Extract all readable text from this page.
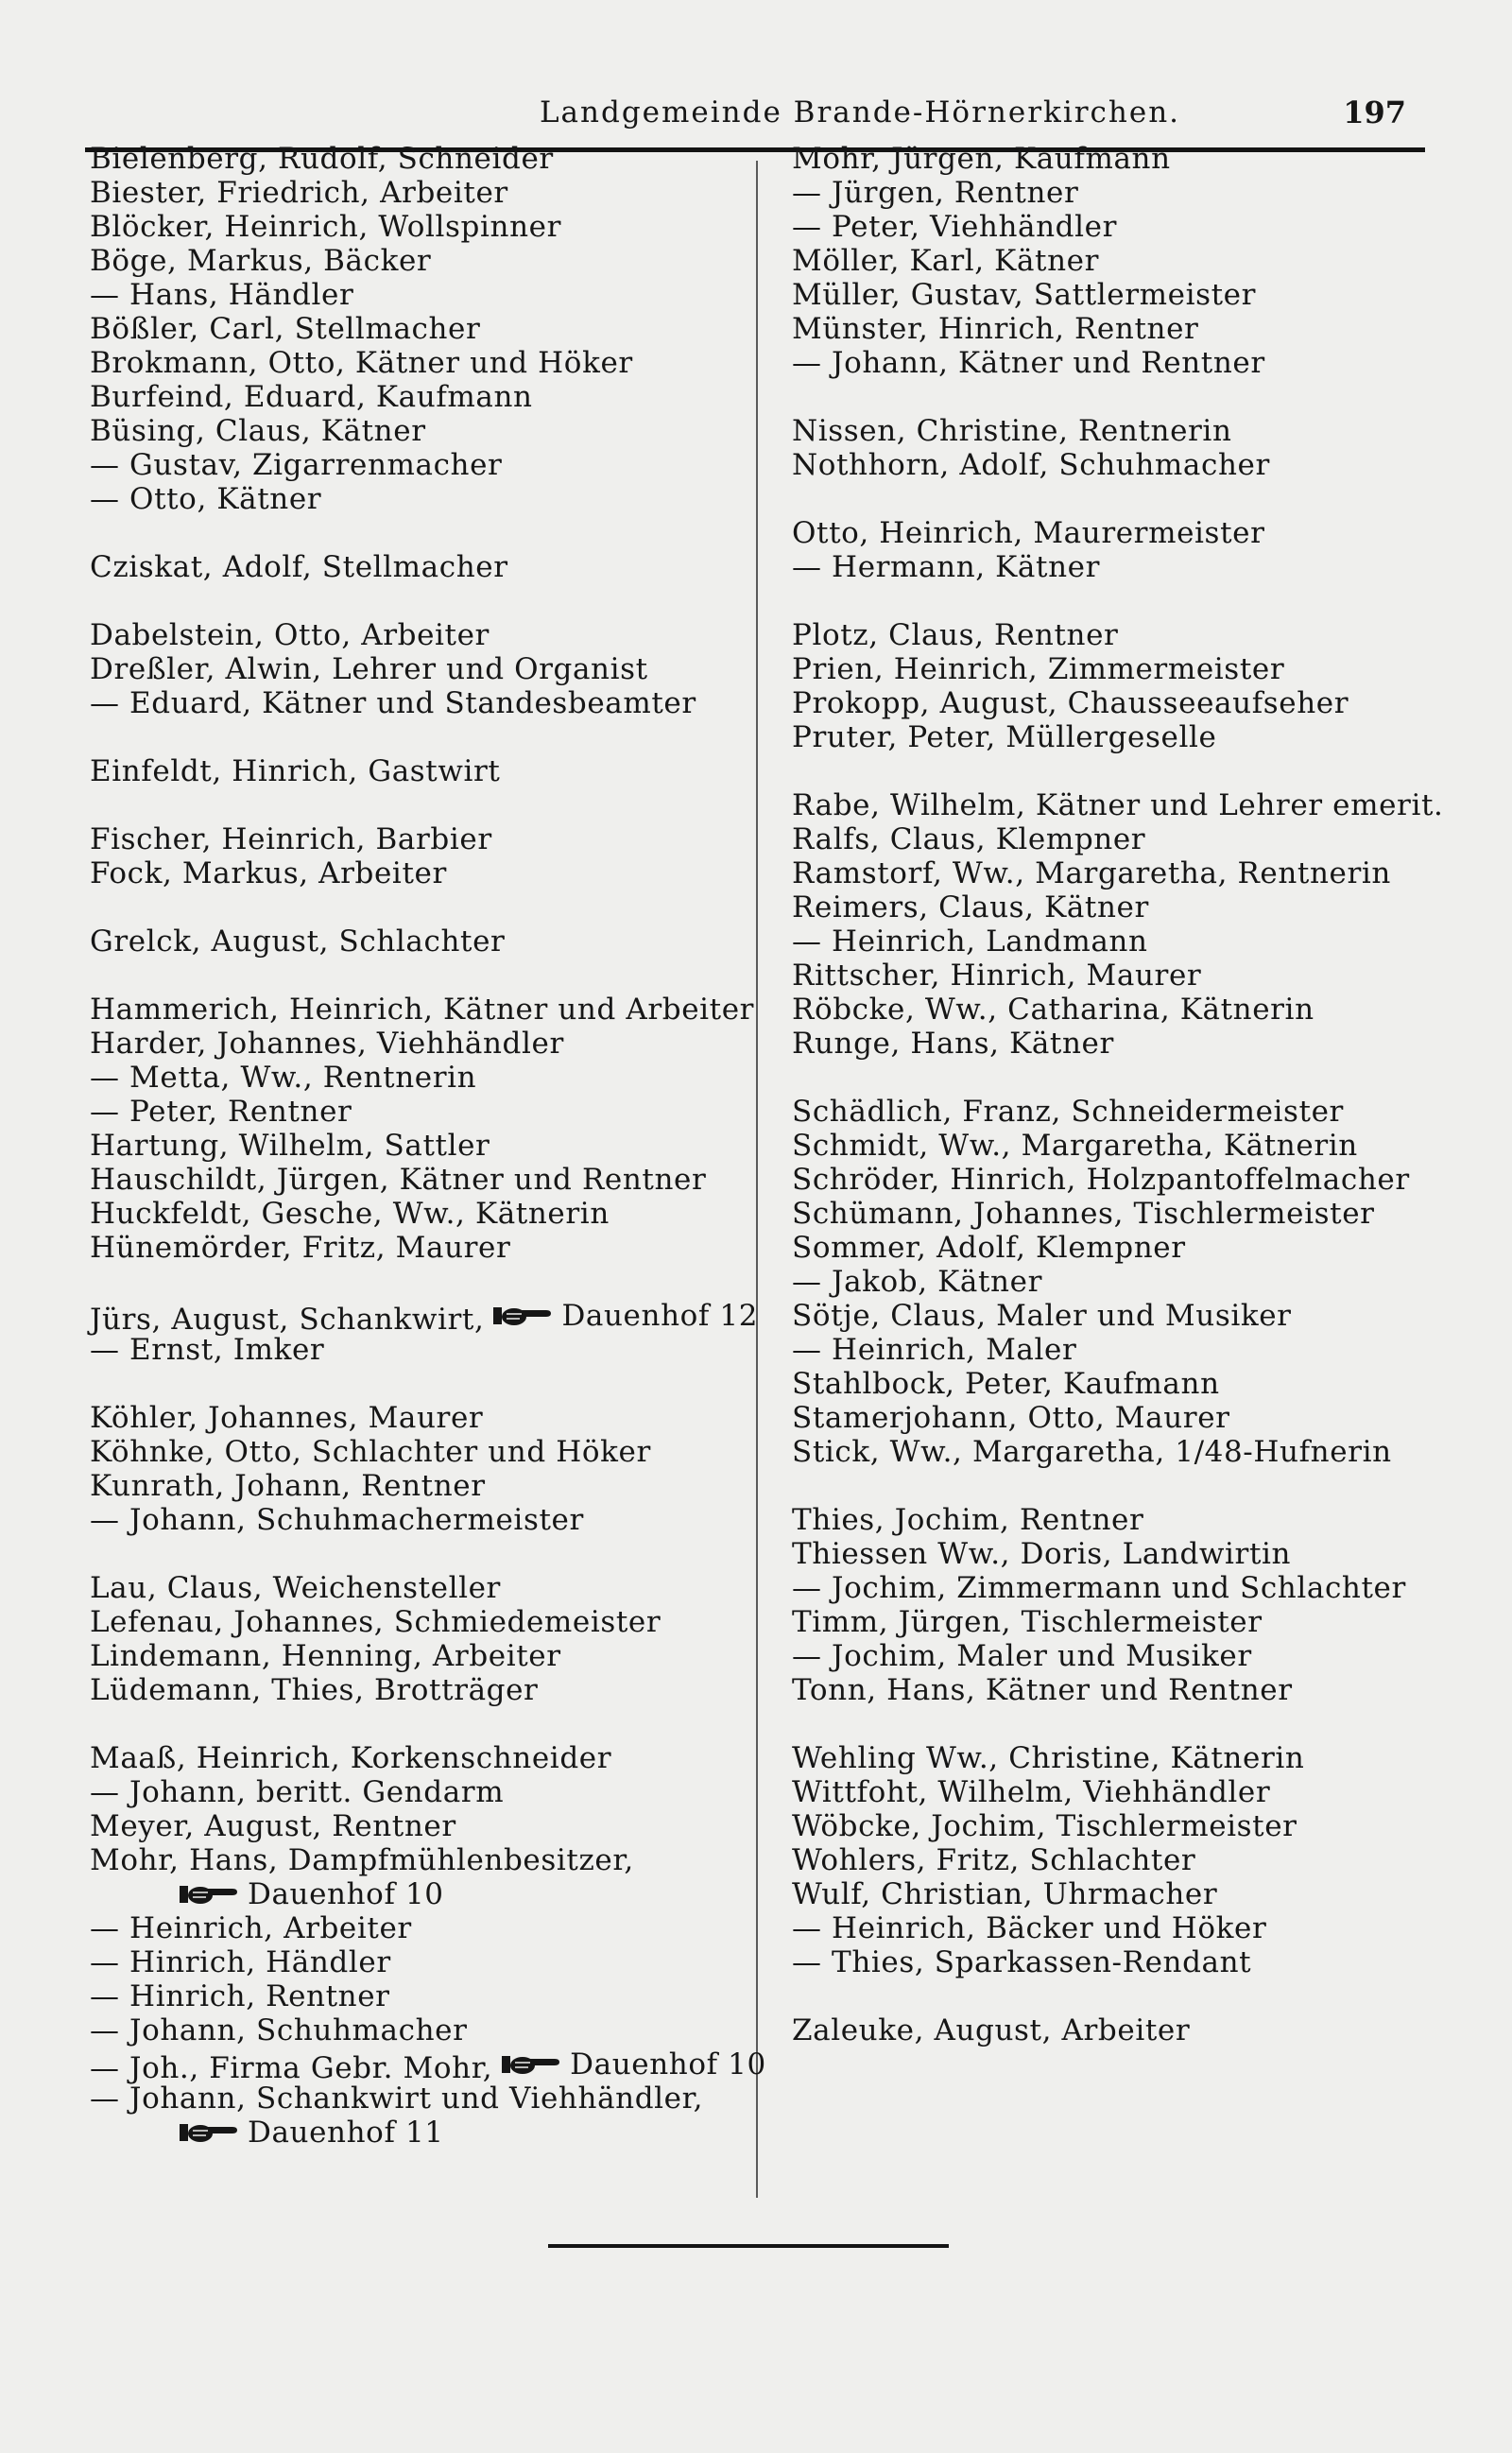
Landgemeinde Brande-Hörnerkirchen.	197
Bielenberg, Rudolf, Schneider
Biester, Friedrich, Arbeiter
Blöcker, Heinrich, Wollspinner
Böge, Markus, Bäcker
— Hans, Händler
Bößler, Carl, Stellmacher
Brokmann, Otto, Kätner und Höker
Burfeind, Eduard, Kaufmann
Büsing, Claus, Kätner
— Gustav, Zigarrenmacher
— Otto, Kätner
Cziskat, Adolf, Stellmacher
Dabelstein, Otto, Arbeiter
Dreßler, Alwin, Lehrer und Organist
— Eduard, Kätner und Standesbeamter
Einfeldt, Hinrich, Gastwirt
Fischer, Heinrich, Barbier
Fock, Markus, Arbeiter
Grelck, August, Schlachter
Hammerich, Heinrich, Kätner und Arbeiter
Harder, Johannes, Viehhändler
— Metta, Ww., Rentnerin
— Peter, Rentner
Hartung, Wilhelm, Sattler
Hauschildt, Jürgen, Kätner und Rentner
Huckfeldt, Gesche, Ww., Kätnerin
Hünemörder, Fritz, Maurer
Jürs, August, Schankwirt,	Dauenhof 12
— Ernst, Imker
Köhler, Johannes, Maurer
Köhnke, Otto, Schlachter und Höker
Kunrath, Johann, Rentner
— Johann, Schuhmachermeister
Lau, Claus, Weichensteller
Lefenau, Johannes, Schmiedemeister
Lindemann, Henning, Arbeiter
Lüdemann, Thies, Brotträger
Maaß, Heinrich, Korkenschneider
— Johann, beritt. Gendarm
Meyer, August, Rentner
Mohr, Hans, Dampfmühlenbesitzer,
Dauenhof 10
— Heinrich, Arbeiter
— Hinrich, Händler
— Hinrich, Rentner
— Johann, Schuhmacher
— Joh., Firma Gebr. Mohr,	Dauenhof 10
— Johann, Schankwirt und Viehhändler,
Dauenhof 11
Mohr, Jürgen, Kaufmann
— Jürgen, Rentner
— Peter, Viehhändler
Möller, Karl, Kätner
Müller, Gustav, Sattlermeister
Münster, Hinrich, Rentner
— Johann, Kätner und Rentner
Nissen, Christine, Rentnerin
Nothhorn, Adolf, Schuhmacher
Otto, Heinrich, Maurermeister
— Hermann, Kätner
Plotz, Claus, Rentner
Prien, Heinrich, Zimmermeister
Prokopp, August, Chausseeaufseher
Pruter, Peter, Müllergeselle
Rabe, Wilhelm, Kätner und Lehrer emerit.
Ralfs, Claus, Klempner
Ramstorf, Ww., Margaretha, Rentnerin
Reimers, Claus, Kätner
— Heinrich, Landmann
Rittscher, Hinrich, Maurer
Röbcke, Ww., Catharina, Kätnerin
Runge, Hans, Kätner
Schädlich, Franz, Schneidermeister
Schmidt, Ww., Margaretha, Kätnerin
Schröder, Hinrich, Holzpantoffelmacher
Schümann, Johannes, Tischlermeister
Sommer, Adolf, Klempner
— Jakob, Kätner
Sötje, Claus, Maler und Musiker
— Heinrich, Maler
Stahlbock, Peter, Kaufmann
Stamerjohann, Otto, Maurer
Stick, Ww., Margaretha, 1/48-Hufnerin
Thies, Jochim, Rentner
Thiessen Ww., Doris, Landwirtin
— Jochim, Zimmermann und Schlachter
Timm, Jürgen, Tischlermeister
— Jochim, Maler und Musiker
Tonn, Hans, Kätner und Rentner
Wehling Ww., Christine, Kätnerin
Wittfoht, Wilhelm, Viehhändler
Wöbcke, Jochim, Tischlermeister
Wohlers, Fritz, Schlachter
Wulf, Christian, Uhrmacher
— Heinrich, Bäcker und Höker
— Thies, Sparkassen-Rendant
Zaleuke, August, Arbeiter
